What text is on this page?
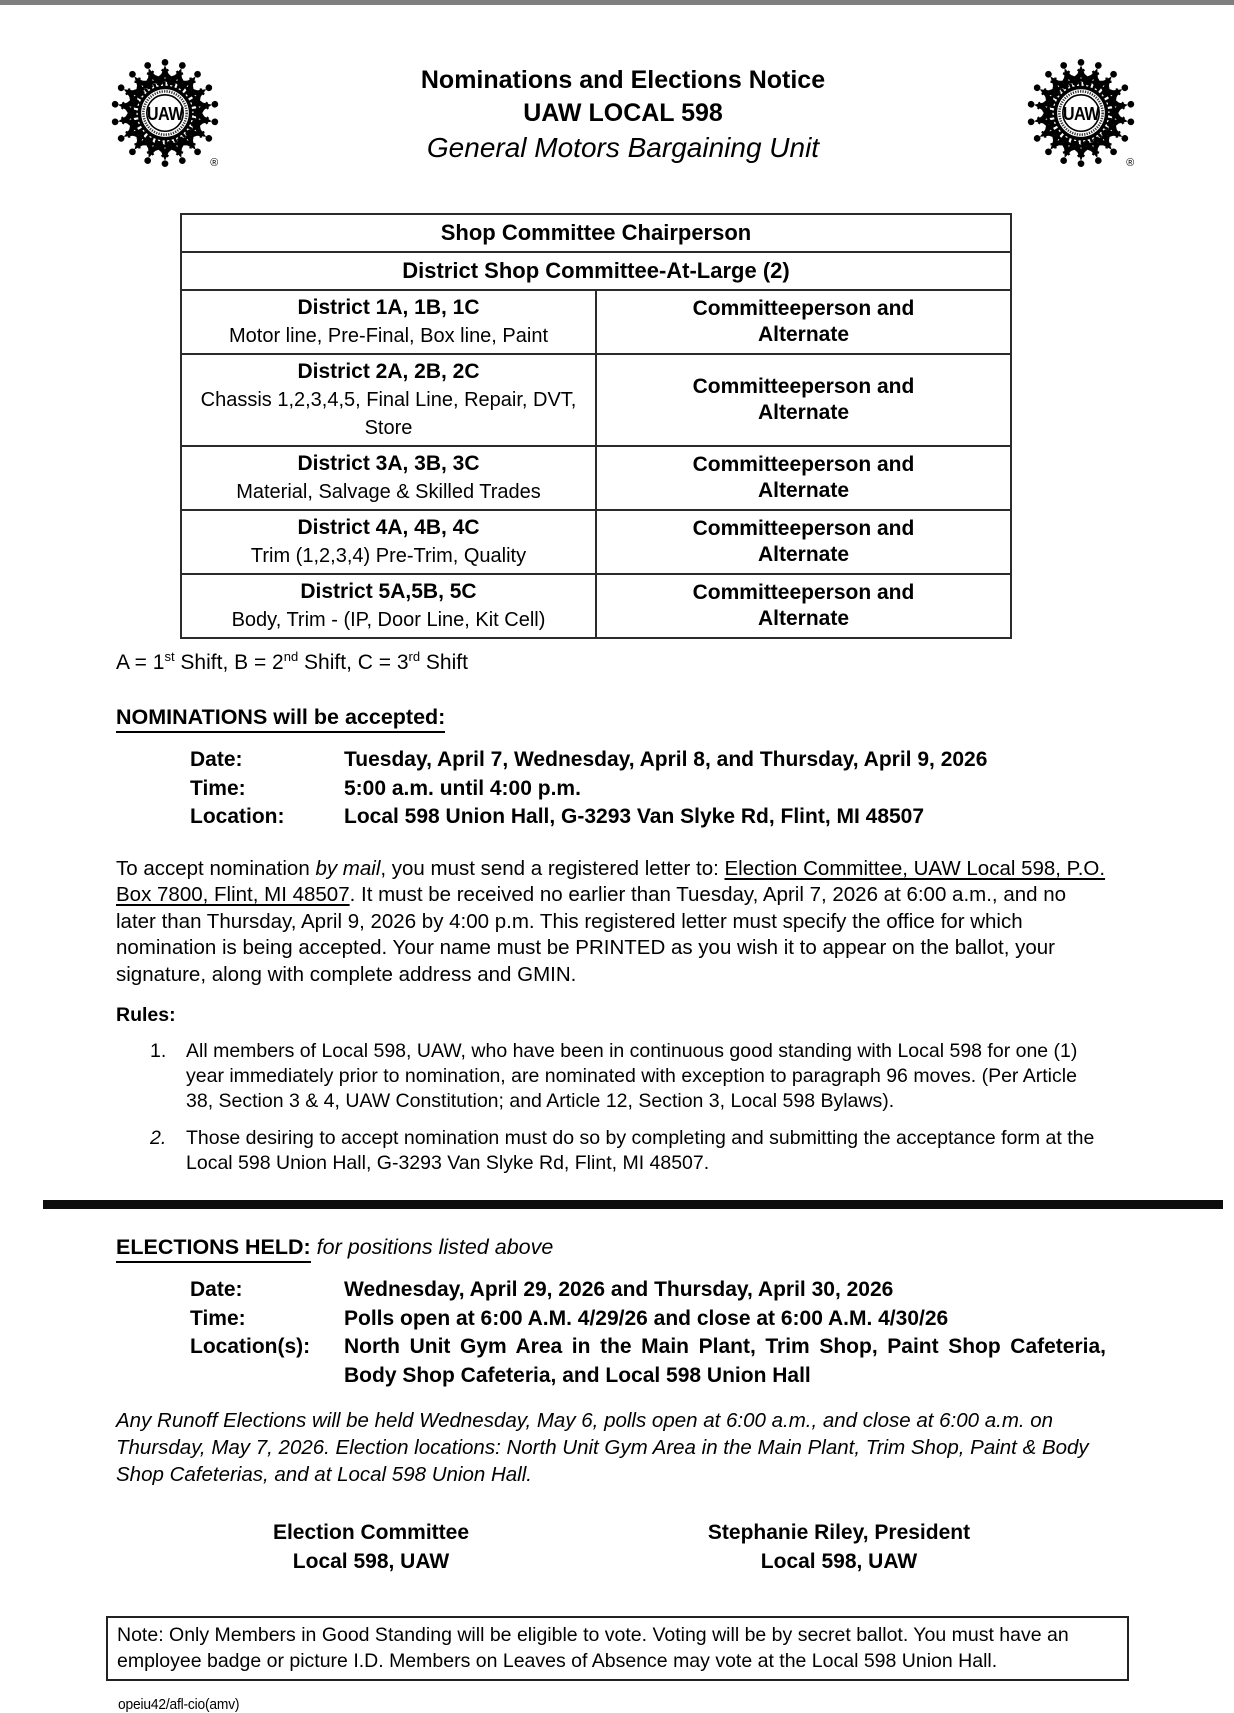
UAW
®
Nominations and Elections Notice
UAW LOCAL 598
General Motors Bargaining Unit
UAW
®
Shop Committee Chairperson	
District Shop Committee-At-Large (2)	

District 1A, 1B, 1C
Motor line, Pre-Final, Box line, Paint

Committeeperson and
Alternate

District 2A, 2B, 2C
Chassis 1,2,3,4,5, Final Line, Repair, DVT, Store

Committeeperson and
Alternate

District 3A, 3B, 3C
Material, Salvage & Skilled Trades

Committeeperson and
Alternate

District 4A, 4B, 4C
Trim (1,2,3,4) Pre-Trim, Quality

Committeeperson and
Alternate

District 5A,5B, 5C
Body, Trim - (IP, Door Line, Kit Cell)

Committeeperson and
Alternate
A = 1st Shift, B = 2nd Shift, C = 3rd Shift
NOMINATIONS will be accepted:
Date:	Tuesday, April 7, Wednesday, April 8, and Thursday, April 9, 2026
Time:	5:00 a.m. until 4:00 p.m.
Location:	Local 598 Union Hall, G-3293 Van Slyke Rd, Flint, MI 48507
To accept nomination by mail, you must send a registered letter to: Election Committee, UAW Local 598, P.O. Box 7800, Flint, MI 48507. It must be received no earlier than Tuesday, April 7, 2026 at 6:00 a.m., and no later than Thursday, April 9, 2026 by 4:00 p.m. This registered letter must specify the office for which nomination is being accepted. Your name must be PRINTED as you wish it to appear on the ballot, your signature, along with complete address and GMIN.
Rules:
1.	All members of Local 598, UAW, who have been in continuous good standing with Local 598 for one (1) year immediately prior to nomination, are nominated with exception to paragraph 96 moves. (Per Article 38, Section 3 & 4, UAW Constitution; and Article 12, Section 3, Local 598 Bylaws).
2.	Those desiring to accept nomination must do so by completing and submitting the acceptance form at the Local 598 Union Hall, G-3293 Van Slyke Rd, Flint, MI 48507.
ELECTIONS HELD: for positions listed above
Date:	Wednesday, April 29, 2026 and Thursday, April 30, 2026
Time:	Polls open at 6:00 A.M. 4/29/26 and close at 6:00 A.M. 4/30/26
Location(s):	North Unit Gym Area in the Main Plant, Trim Shop, Paint Shop Cafeteria, Body Shop Cafeteria, and Local 598 Union Hall
Any Runoff Elections will be held Wednesday, May 6, polls open at 6:00 a.m., and close at 6:00 a.m. on Thursday, May 7, 2026. Election locations: North Unit Gym Area in the Main Plant, Trim Shop, Paint & Body Shop Cafeterias, and at Local 598 Union Hall.
Election Committee
Local 598, UAW
Stephanie Riley, President
Local 598, UAW
Note: Only Members in Good Standing will be eligible to vote. Voting will be by secret ballot. You must have an employee badge or picture I.D. Members on Leaves of Absence may vote at the Local 598 Union Hall.
opeiu42/afl-cio(amv)
